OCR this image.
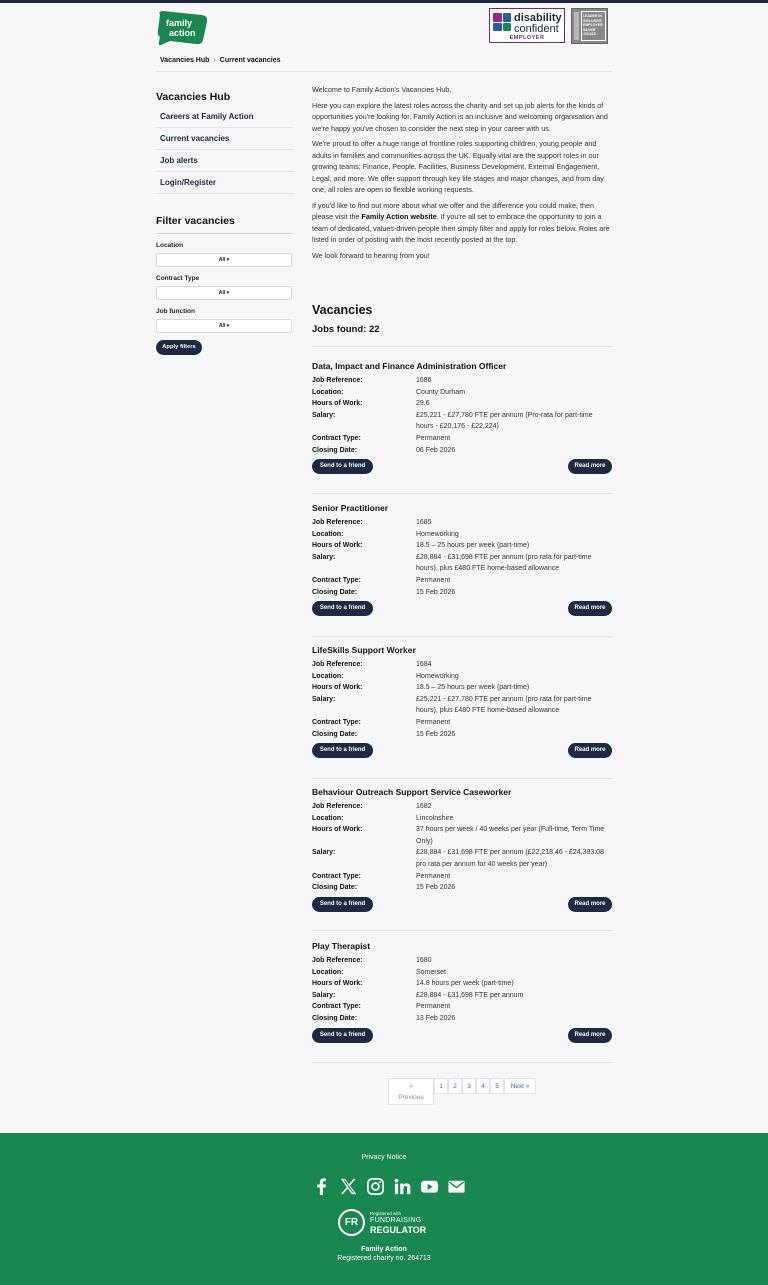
family
action
disability
confident
EMPLOYER
LEADER IN INCLUSIVE EMPLOYER SILVER 2024/25
Vacancies Hub › Current vacancies
Vacancies Hub
Careers at Family Action
Current vacancies
Job alerts
Login/Register
Filter vacancies
Location
All ▾
Contract Type
All ▾
Job function
All ▾
Apply filters

Welcome to Family Action's Vacancies Hub.

Here you can explore the latest roles across the charity and set up job alerts for the kinds of opportunities you're looking for. Family Action is an inclusive and welcoming organisation and we're happy you've chosen to consider the next step in your career with us.

We're proud to offer a huge range of frontline roles supporting children, young people and adults in families and communities across the UK. Equally vital are the support roles in our growing teams; Finance, People, Facilities, Business Development, External Engagement, Legal, and more. We offer support through key life stages and major changes, and from day one, all roles are open to flexible working requests.

If you'd like to find out more about what we offer and the difference you could make, then please visit the Family Action website. If you're all set to embrace the opportunity to join a team of dedicated, values-driven people then simply filter and apply for roles below. Roles are listed in order of posting with the most recently posted at the top.

We look forward to hearing from you!

Vacancies
Jobs found: 22
Data, Impact and Finance Administration Officer
Job Reference:	1686
Location:	County Durham
Hours of Work:	29.6
Salary:	£25,221 - £27,780 FTE per annum (Pro-rata for part-time hours - £20,176 - £22,224)
Contract Type:	Permanent
Closing Date:	06 Feb 2026
Send to a friend	Read more
Senior Practitioner
Job Reference:	1685
Location:	Homeworking
Hours of Work:	18.5 – 25 hours per week (part-time)
Salary:	£28,884 - £31,698 FTE per annum (pro rata for part-time hours), plus £480 FTE home-based allowance
Contract Type:	Permanent
Closing Date:	15 Feb 2026
Send to a friend	Read more
LifeSkills Support Worker
Job Reference:	1684
Location:	Homeworking
Hours of Work:	18.5 – 25 hours per week (part-time)
Salary:	£25,221 - £27,780 FTE per annum (pro rata for part-time hours), plus £480 FTE home-based allowance
Contract Type:	Permanent
Closing Date:	15 Feb 2026
Send to a friend	Read more
Behaviour Outreach Support Service Caseworker
Job Reference:	1682
Location:	Lincolnshire
Hours of Work:	37 hours per week / 40 weeks per year (Full-time, Term Time Only)
Salary:	£28,884 - £31,698 FTE per annum (£22,218.46 - £24,383.08 pro rata per annum for 40 weeks per year)
Contract Type:	Permanent
Closing Date:	15 Feb 2026
Send to a friend	Read more
Play Therapist
Job Reference:	1680
Location:	Somerset
Hours of Work:	14.8 hours per week (part-time)
Salary:	£28,884 - £31,698 FTE per annum
Contract Type:	Permanent
Closing Date:	13 Feb 2026
Send to a friend	Read more
«
Previous
1	2	3	4	5	Next »
Privacy Notice
FR
Registered with
FUNDRAISING
REGULATOR
Family Action
Registered charity no. 264713
